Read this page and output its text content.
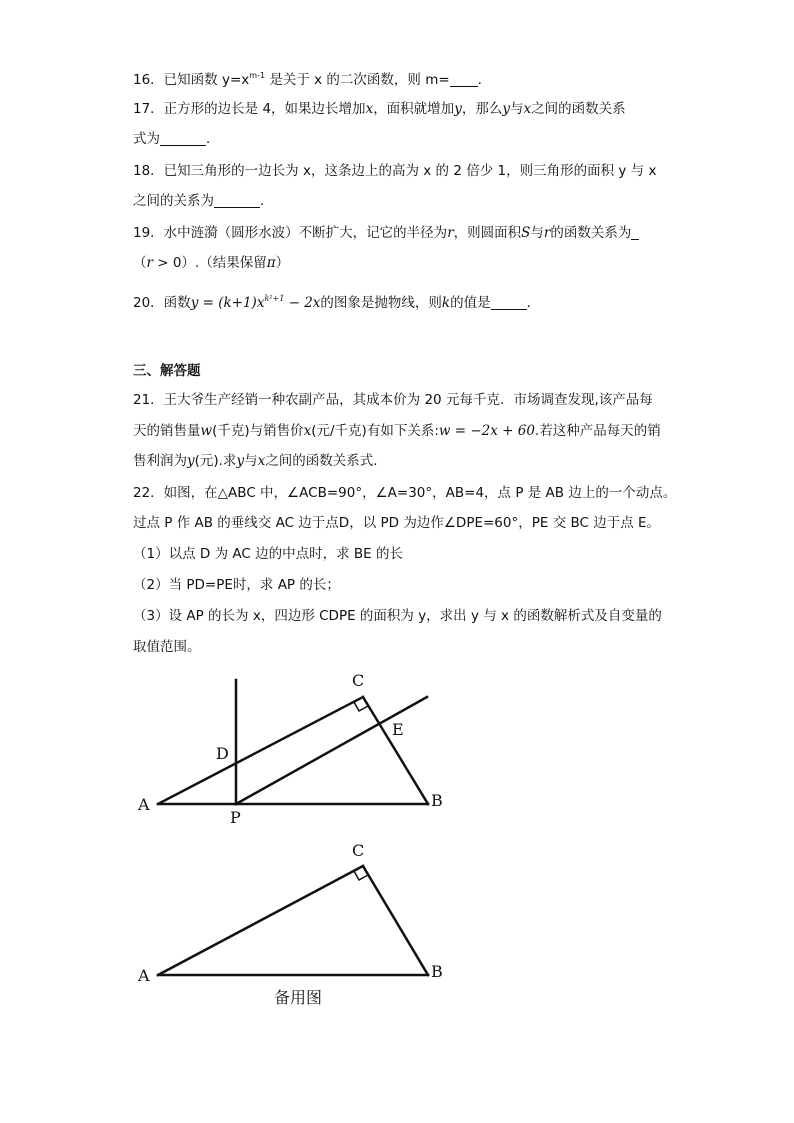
16．已知函数 $y=x^{m-1}$ 是关于 x 的二次函数，则 m= .
17．正方形的边长是 4，如果边长增加x，面积就增加y，那么y与x之间的函数关系
式为	．
18．已知三角形的一边长为 x，这条边上的高为 x 的 2 倍少 1，则三角形的面积 y 与 x
之间的关系为	．
19．水中涟漪（圆形水波）不断扩大，记它的半径为r，则圆面积S与r的函数关系为
（r > 0）.（结果保留π）
20．函数$y = (k+1)x^{k^2+1} - 2x$的图象是抛物线，则k的值是	.
三、解答题
21．王大爷生产经销一种农副产品，其成本价为 20 元每千克．市场调查发现,该产品每
天的销售量w(千克)与销售价x(元/千克)有如下关系:w = −2x + 60.若这种产品每天的销
售利润为y(元).求y与x之间的函数关系式．
22．如图，在△ABC 中，∠ACB=90°，∠A=30°，AB=4，点 P 是 AB 边上的一个动点。
过点 P 作 AB 的垂线交 AC 边于点D，以 PD 为边作∠DPE=60°，PE 交 BC 边于点 E。
（1）以点 D 为 AC 边的中点时，求 BE 的长
（2）当 PD=PE时，求 AP 的长；
（3）设 AP 的长为 x，四边形 CDPE 的面积为 y，求出 y 与 x 的函数解析式及自变量的
取值范围。
C
E
D
A	B
P
C
A	B
备用图
